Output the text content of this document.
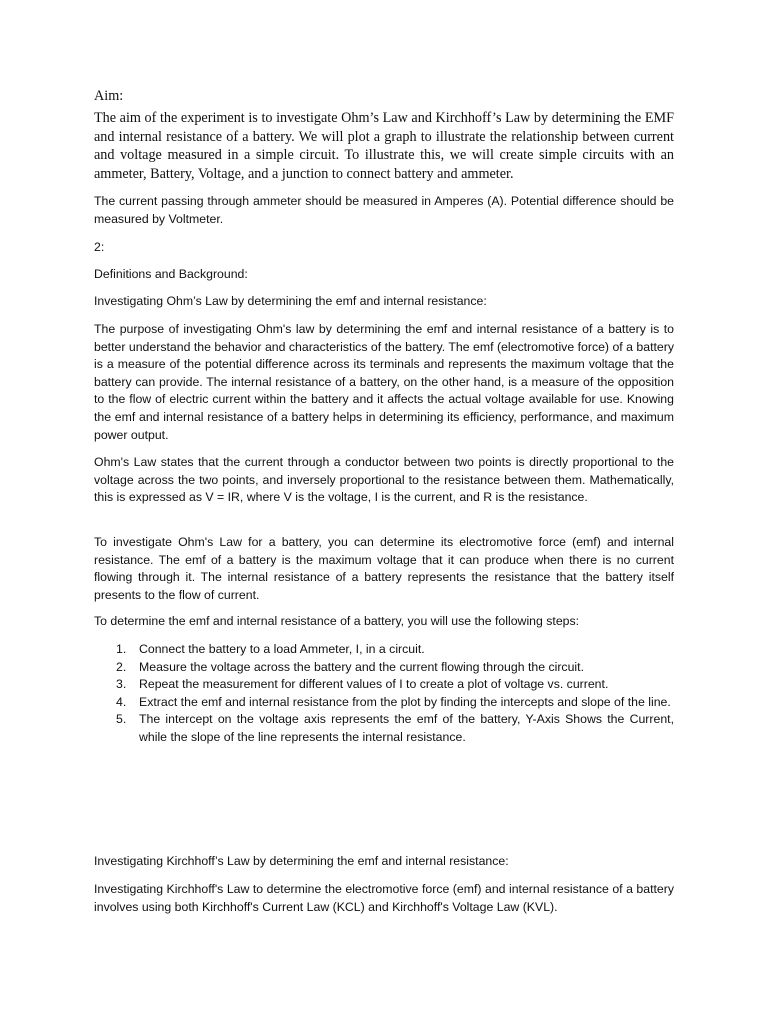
Aim:

The aim of the experiment is to investigate Ohm’s Law and Kirchhoff’s Law by determining the EMF and internal resistance of a battery. We will plot a graph to illustrate the relationship between current and voltage measured in a simple circuit. To illustrate this, we will create simple circuits with an ammeter, Battery, Voltage, and a junction to connect battery and ammeter.

The current passing through ammeter should be measured in Amperes (A). Potential difference should be measured by Voltmeter.

2:

Definitions and Background:

Investigating Ohm’s Law by determining the emf and internal resistance:

The purpose of investigating Ohm's law by determining the emf and internal resistance of a battery is to better understand the behavior and characteristics of the battery. The emf (electromotive force) of a battery is a measure of the potential difference across its terminals and represents the maximum voltage that the battery can provide. The internal resistance of a battery, on the other hand, is a measure of the opposition to the flow of electric current within the battery and it affects the actual voltage available for use. Knowing the emf and internal resistance of a battery helps in determining its efficiency, performance, and maximum power output.

Ohm's Law states that the current through a conductor between two points is directly proportional to the voltage across the two points, and inversely proportional to the resistance between them. Mathematically, this is expressed as V = IR, where V is the voltage, I is the current, and R is the resistance.

To investigate Ohm's Law for a battery, you can determine its electromotive force (emf) and internal resistance. The emf of a battery is the maximum voltage that it can produce when there is no current flowing through it. The internal resistance of a battery represents the resistance that the battery itself presents to the flow of current.

To determine the emf and internal resistance of a battery, you will use the following steps:

1. Connect the battery to a load Ammeter, I, in a circuit.
2. Measure the voltage across the battery and the current flowing through the circuit.
3. Repeat the measurement for different values of I to create a plot of voltage vs. current.
4. Extract the emf and internal resistance from the plot by finding the intercepts and slope of the line.
5. The intercept on the voltage axis represents the emf of the battery, Y-Axis Shows the Current, while the slope of the line represents the internal resistance.

Investigating Kirchhoff’s Law by determining the emf and internal resistance:

Investigating Kirchhoff's Law to determine the electromotive force (emf) and internal resistance of a battery involves using both Kirchhoff's Current Law (KCL) and Kirchhoff's Voltage Law (KVL).
